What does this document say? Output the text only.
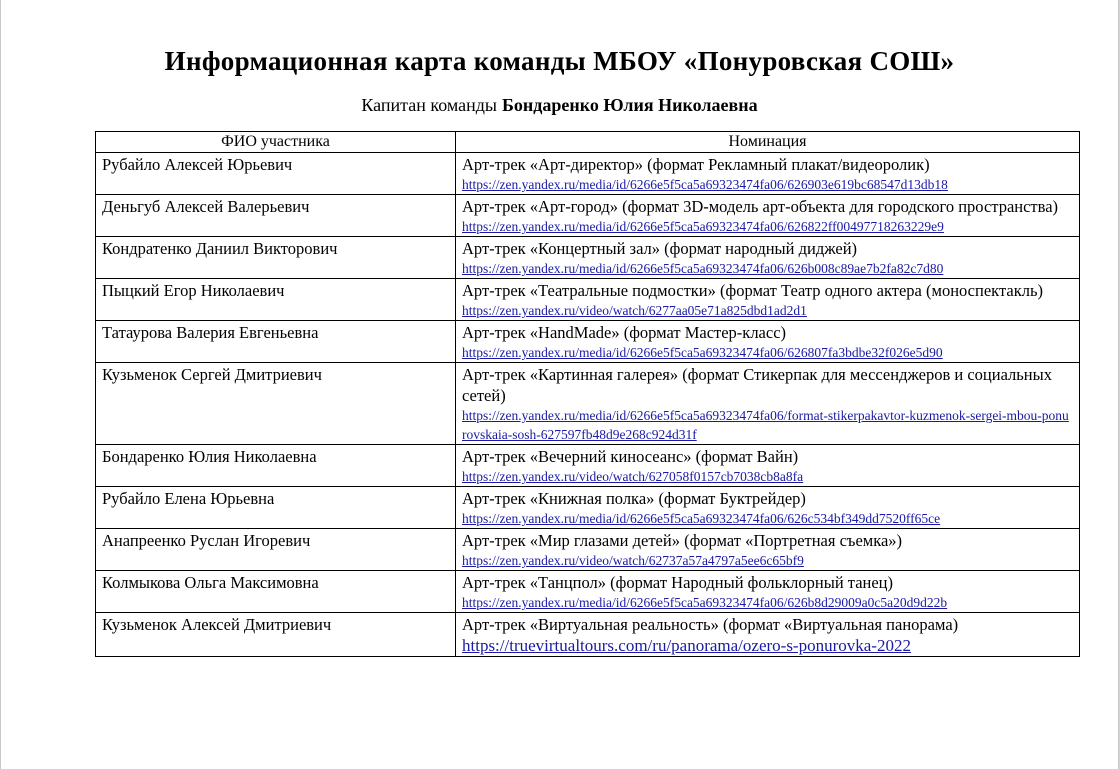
Информационная карта команды МБОУ «Понуровская СОШ»
Капитан команды Бондаренко Юлия Николаевна
ФИО участника	Номинация
Рубайло Алексей Юрьевич	Арт-трек «Арт-директор» (формат Рекламный плакат/видеоролик)
https://zen.yandex.ru/media/id/6266e5f5ca5a69323474fa06/626903e619bc68547d13db18

Деньгуб Алексей Валерьевич	Арт-трек «Арт-город» (формат 3D-модель арт-объекта для городского пространства)
https://zen.yandex.ru/media/id/6266e5f5ca5a69323474fa06/626822ff00497718263229e9

Кондратенко Даниил Викторович	Арт-трек «Концертный зал» (формат народный диджей)
https://zen.yandex.ru/media/id/6266e5f5ca5a69323474fa06/626b008c89ae7b2fa82c7d80

Пыцкий Егор Николаевич	Арт-трек «Театральные подмостки» (формат Театр одного актера (моноспектакль)
https://zen.yandex.ru/video/watch/6277aa05e71a825dbd1ad2d1

Татаурова Валерия Евгеньевна	Арт-трек «HandMade» (формат Мастер-класс)
https://zen.yandex.ru/media/id/6266e5f5ca5a69323474fa06/626807fa3bdbe32f026e5d90

Кузьменок Сергей Дмитриевич	Арт-трек «Картинная галерея» (формат Стикерпак для мессенджеров и социальных сетей)
https://zen.yandex.ru/media/id/6266e5f5ca5a69323474fa06/format-stikerpakavtor-kuzmenok-sergei-mbou-ponurovskaia-sosh-627597fb48d9e268c924d31f

Бондаренко Юлия Николаевна	Арт-трек «Вечерний киносеанс» (формат Вайн)
https://zen.yandex.ru/video/watch/627058f0157cb7038cb8a8fa

Рубайло Елена Юрьевна	Арт-трек «Книжная полка» (формат Буктрейдер)
https://zen.yandex.ru/media/id/6266e5f5ca5a69323474fa06/626c534bf349dd7520ff65ce

Анапреенко Руслан Игоревич	Арт-трек «Мир глазами детей» (формат «Портретная съемка»)
https://zen.yandex.ru/video/watch/62737a57a4797a5ee6c65bf9

Колмыкова Ольга Максимовна	Арт-трек «Танцпол» (формат Народный фольклорный танец)
https://zen.yandex.ru/media/id/6266e5f5ca5a69323474fa06/626b8d29009a0c5a20d9d22b

Кузьменок Алексей Дмитриевич	Арт-трек «Виртуальная реальность» (формат «Виртуальная панорама)
https://truevirtualtours.com/ru/panorama/ozero-s-ponurovka-2022
